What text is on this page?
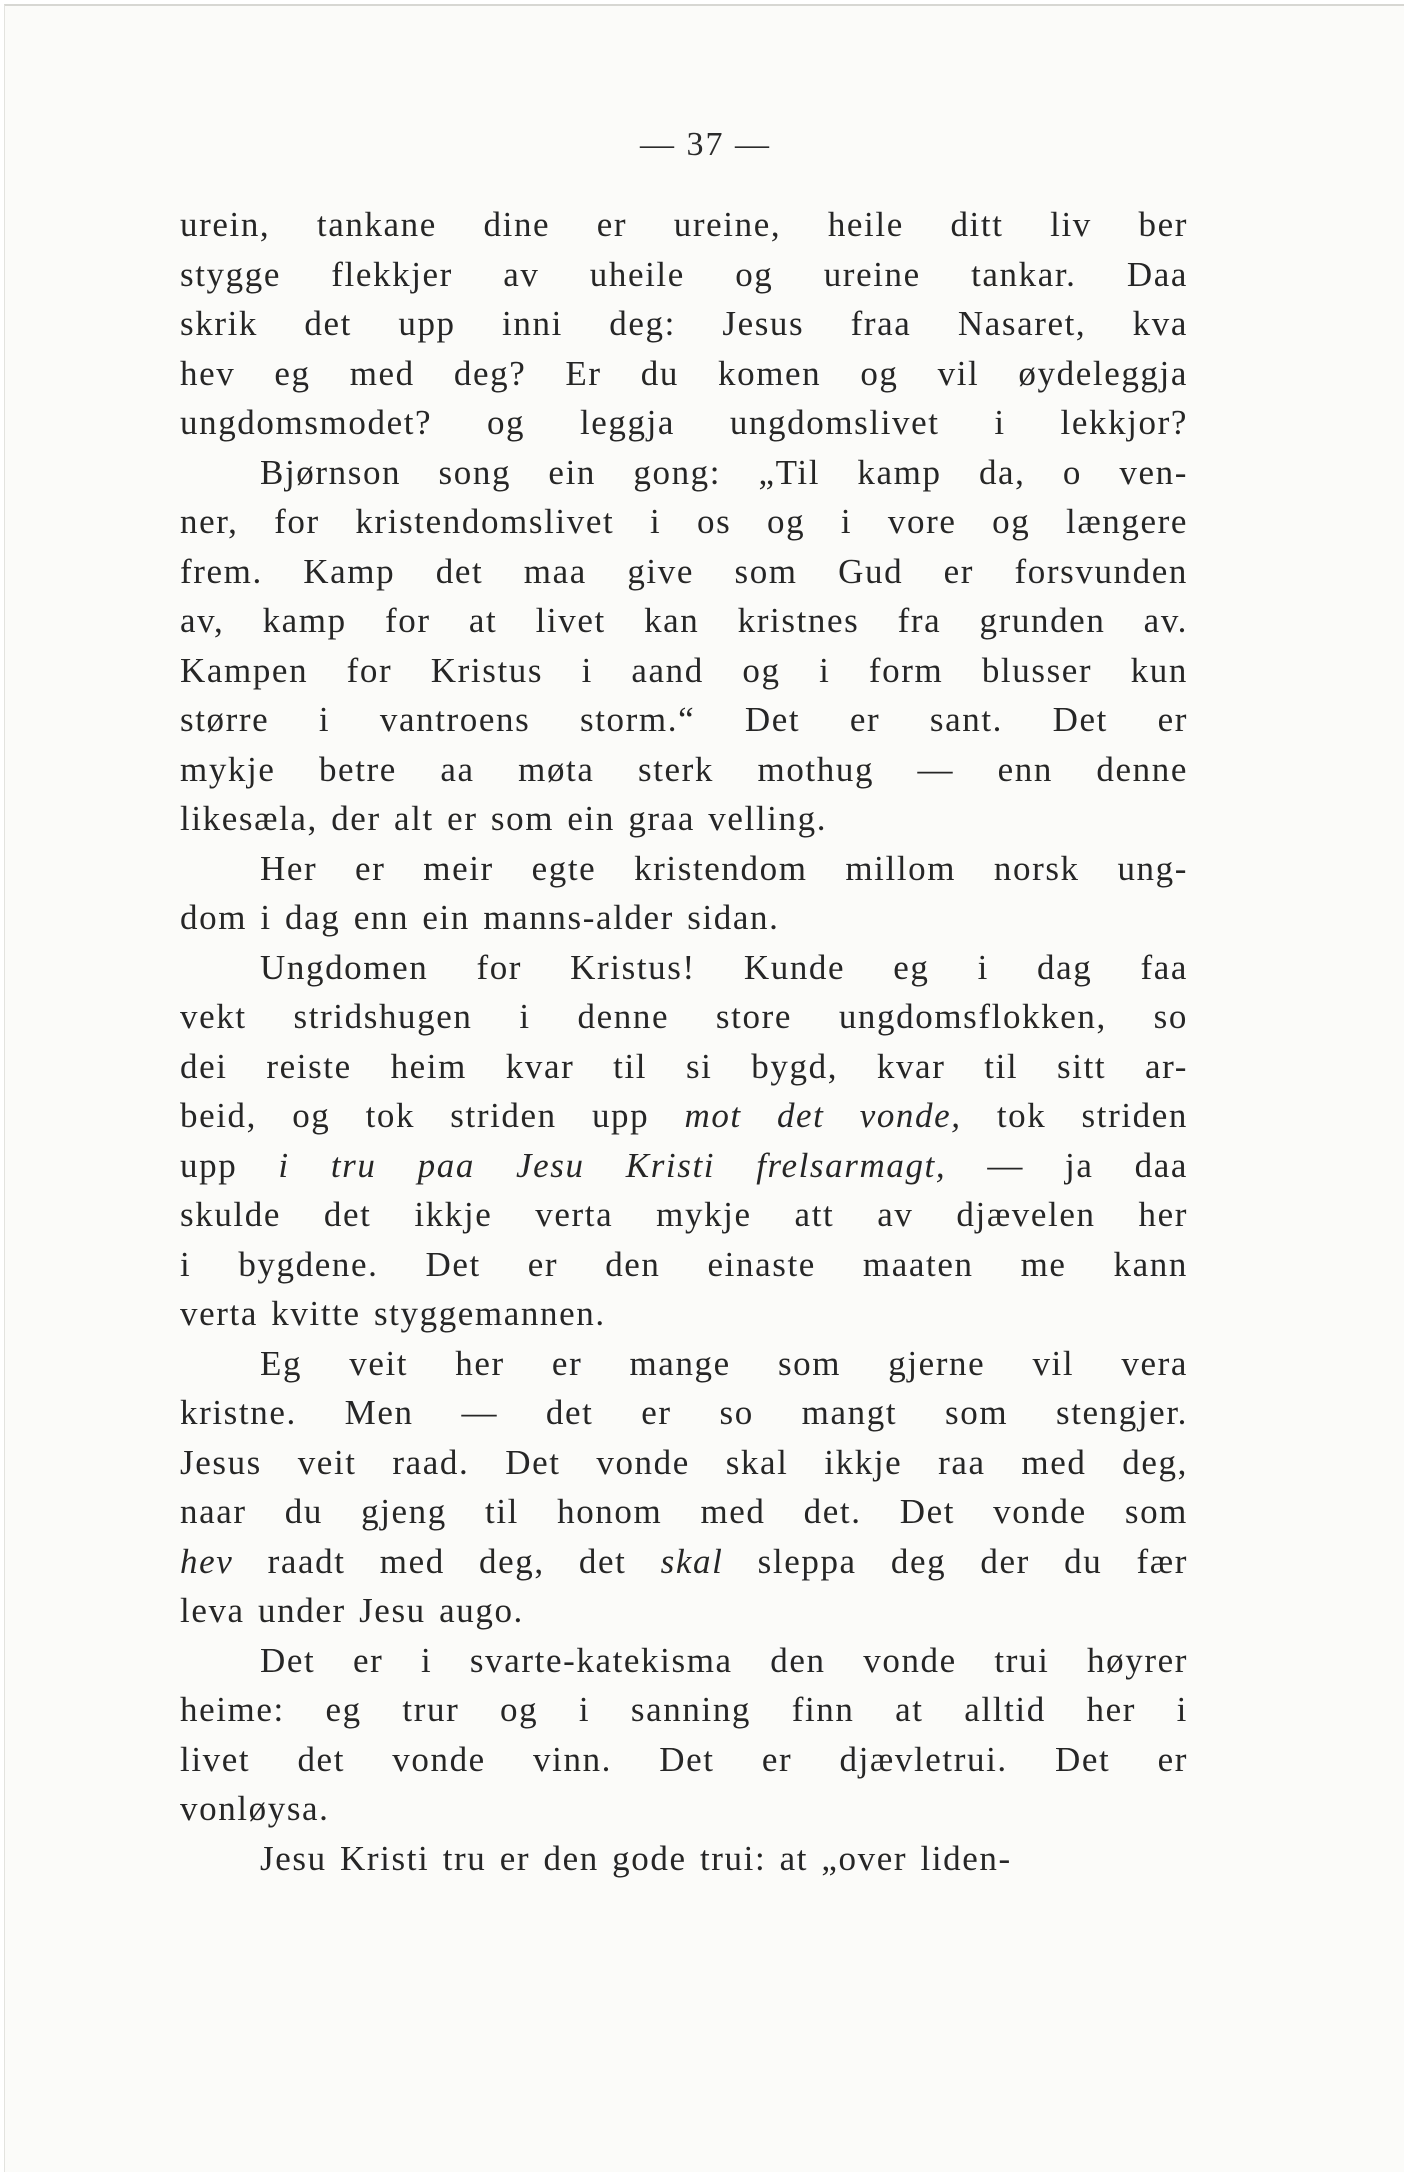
— 37 —
urein, tankane dine er ureine, heile ditt liv ber
stygge flekkjer av uheile og ureine tankar. Daa
skrik det upp inni deg: Jesus fraa Nasaret, kva
hev eg med deg? Er du komen og vil øydeleggja
ungdomsmodet? og leggja ungdomslivet i lekkjor?
Bjørnson song ein gong: „Til kamp da, o ven-
ner, for kristendomslivet i os og i vore og længere
frem. Kamp det maa give som Gud er forsvunden
av, kamp for at livet kan kristnes fra grunden av.
Kampen for Kristus i aand og i form blusser kun
større i vantroens storm.“ Det er sant. Det er
mykje betre aa møta sterk mothug — enn denne
likesæla, der alt er som ein graa velling.
Her er meir egte kristendom millom norsk ung-
dom i dag enn ein manns-alder sidan.
Ungdomen for Kristus! Kunde eg i dag faa
vekt stridshugen i denne store ungdomsflokken, so
dei reiste heim kvar til si bygd, kvar til sitt ar-
beid, og tok striden upp mot det vonde, tok striden
upp i tru paa Jesu Kristi frelsarmagt, — ja daa
skulde det ikkje verta mykje att av djævelen her
i bygdene. Det er den einaste maaten me kann
verta kvitte styggemannen.
Eg veit her er mange som gjerne vil vera
kristne. Men — det er so mangt som stengjer.
Jesus veit raad. Det vonde skal ikkje raa med deg,
naar du gjeng til honom med det. Det vonde som
hev raadt med deg, det skal sleppa deg der du fær
leva under Jesu augo.
Det er i svarte-katekisma den vonde trui høyrer
heime: eg trur og i sanning finn at alltid her i
livet det vonde vinn. Det er djævletrui. Det er
vonløysa.
Jesu Kristi tru er den gode trui: at „over liden-
